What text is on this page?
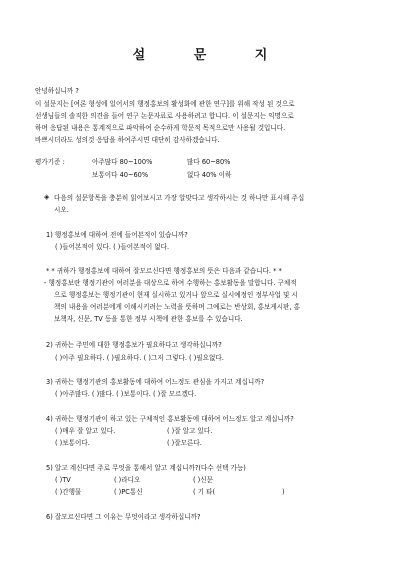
설 문 지
안녕하십니까 ?
이 설문지는 [여론 형성에 있어서의 행정홍보의 활성화에 관한 연구]를 위해 작성 된 것으로
선생님들의 솔직한 의견을 들어 연구 논문자료로 사용하려고 합니다. 이 설문지는 익명으로
하며 응답된 내용은 통계적으로 파악하여 순수하게 학문적 목적으로만 사용될 것입니다.
바쁘시더라도 성의것 응답을 하여주시면 대단히 감사하겠습니다.
평가기준 :	아주많다 80~100%	많다 60~80%
보통이다 40~60%	없다 40% 이하
◈ 다음의 설문항목을 충분히 읽어보시고 가장 알맞다고 생각하시는 것 하나만 표시해 주십
시오.
1) 행정홍보에 대하여 전에 들어본적이 있습니까?
( )들어본적이 있다. ( )들어본적이 없다.
* * 귀하가 행정홍보에 대하여 잘모르신다면 행정홍보의 뜻은 다음과 같습니다. * *
- 행정홍보란 행정기관이 여러분을 대상으로 하여 수행하는 홍보활동을 말합니다. 구체적
으로 행정홍보는 행정기관이 현재 실시하고 있거나 앞으로 실시예정인 정부사업 및 시
책의 내용을 여러분에게 이해시키려는 노력을 뜻하며 그예로는 반상회, 홍보게시판, 홍
보책자, 신문, TV 등을 통한 정부 시책에 관한 홍보를 수 있습니다.
2) 귀하는 주민에 대한 행정홍보가 필요하다고 생각하십니까?
( )아주 필요하다. ( )필요하다. ( )그저 그렇다. ( )필요없다.
3) 귀하는 행정기관의 홍보활동에 대하여 어느정도 관심을 가지고 계십니까?
( )아주많다. ( )많다. ( )보통이다. ( )잘 모르겠다.
4) 귀하는 행정기관이 하고 있는 구체적인 홍보활동에 대하여 어느정도 알고 계십니까?
( )매우 잘 알고 있다.	( )잘 알고 있다.
( )보통이다.	( )잘모른다.
5) 알고 계신다면 주로 무엇을 통해서 알고 계십니까?(다수 선택 가능)
( )TV	( )라디오	( )신문
( )간행물	( )PC통신	( 기 타(	)
6) 잘모르신다면 그 이유는 무엇이라고 생각하십니까?
